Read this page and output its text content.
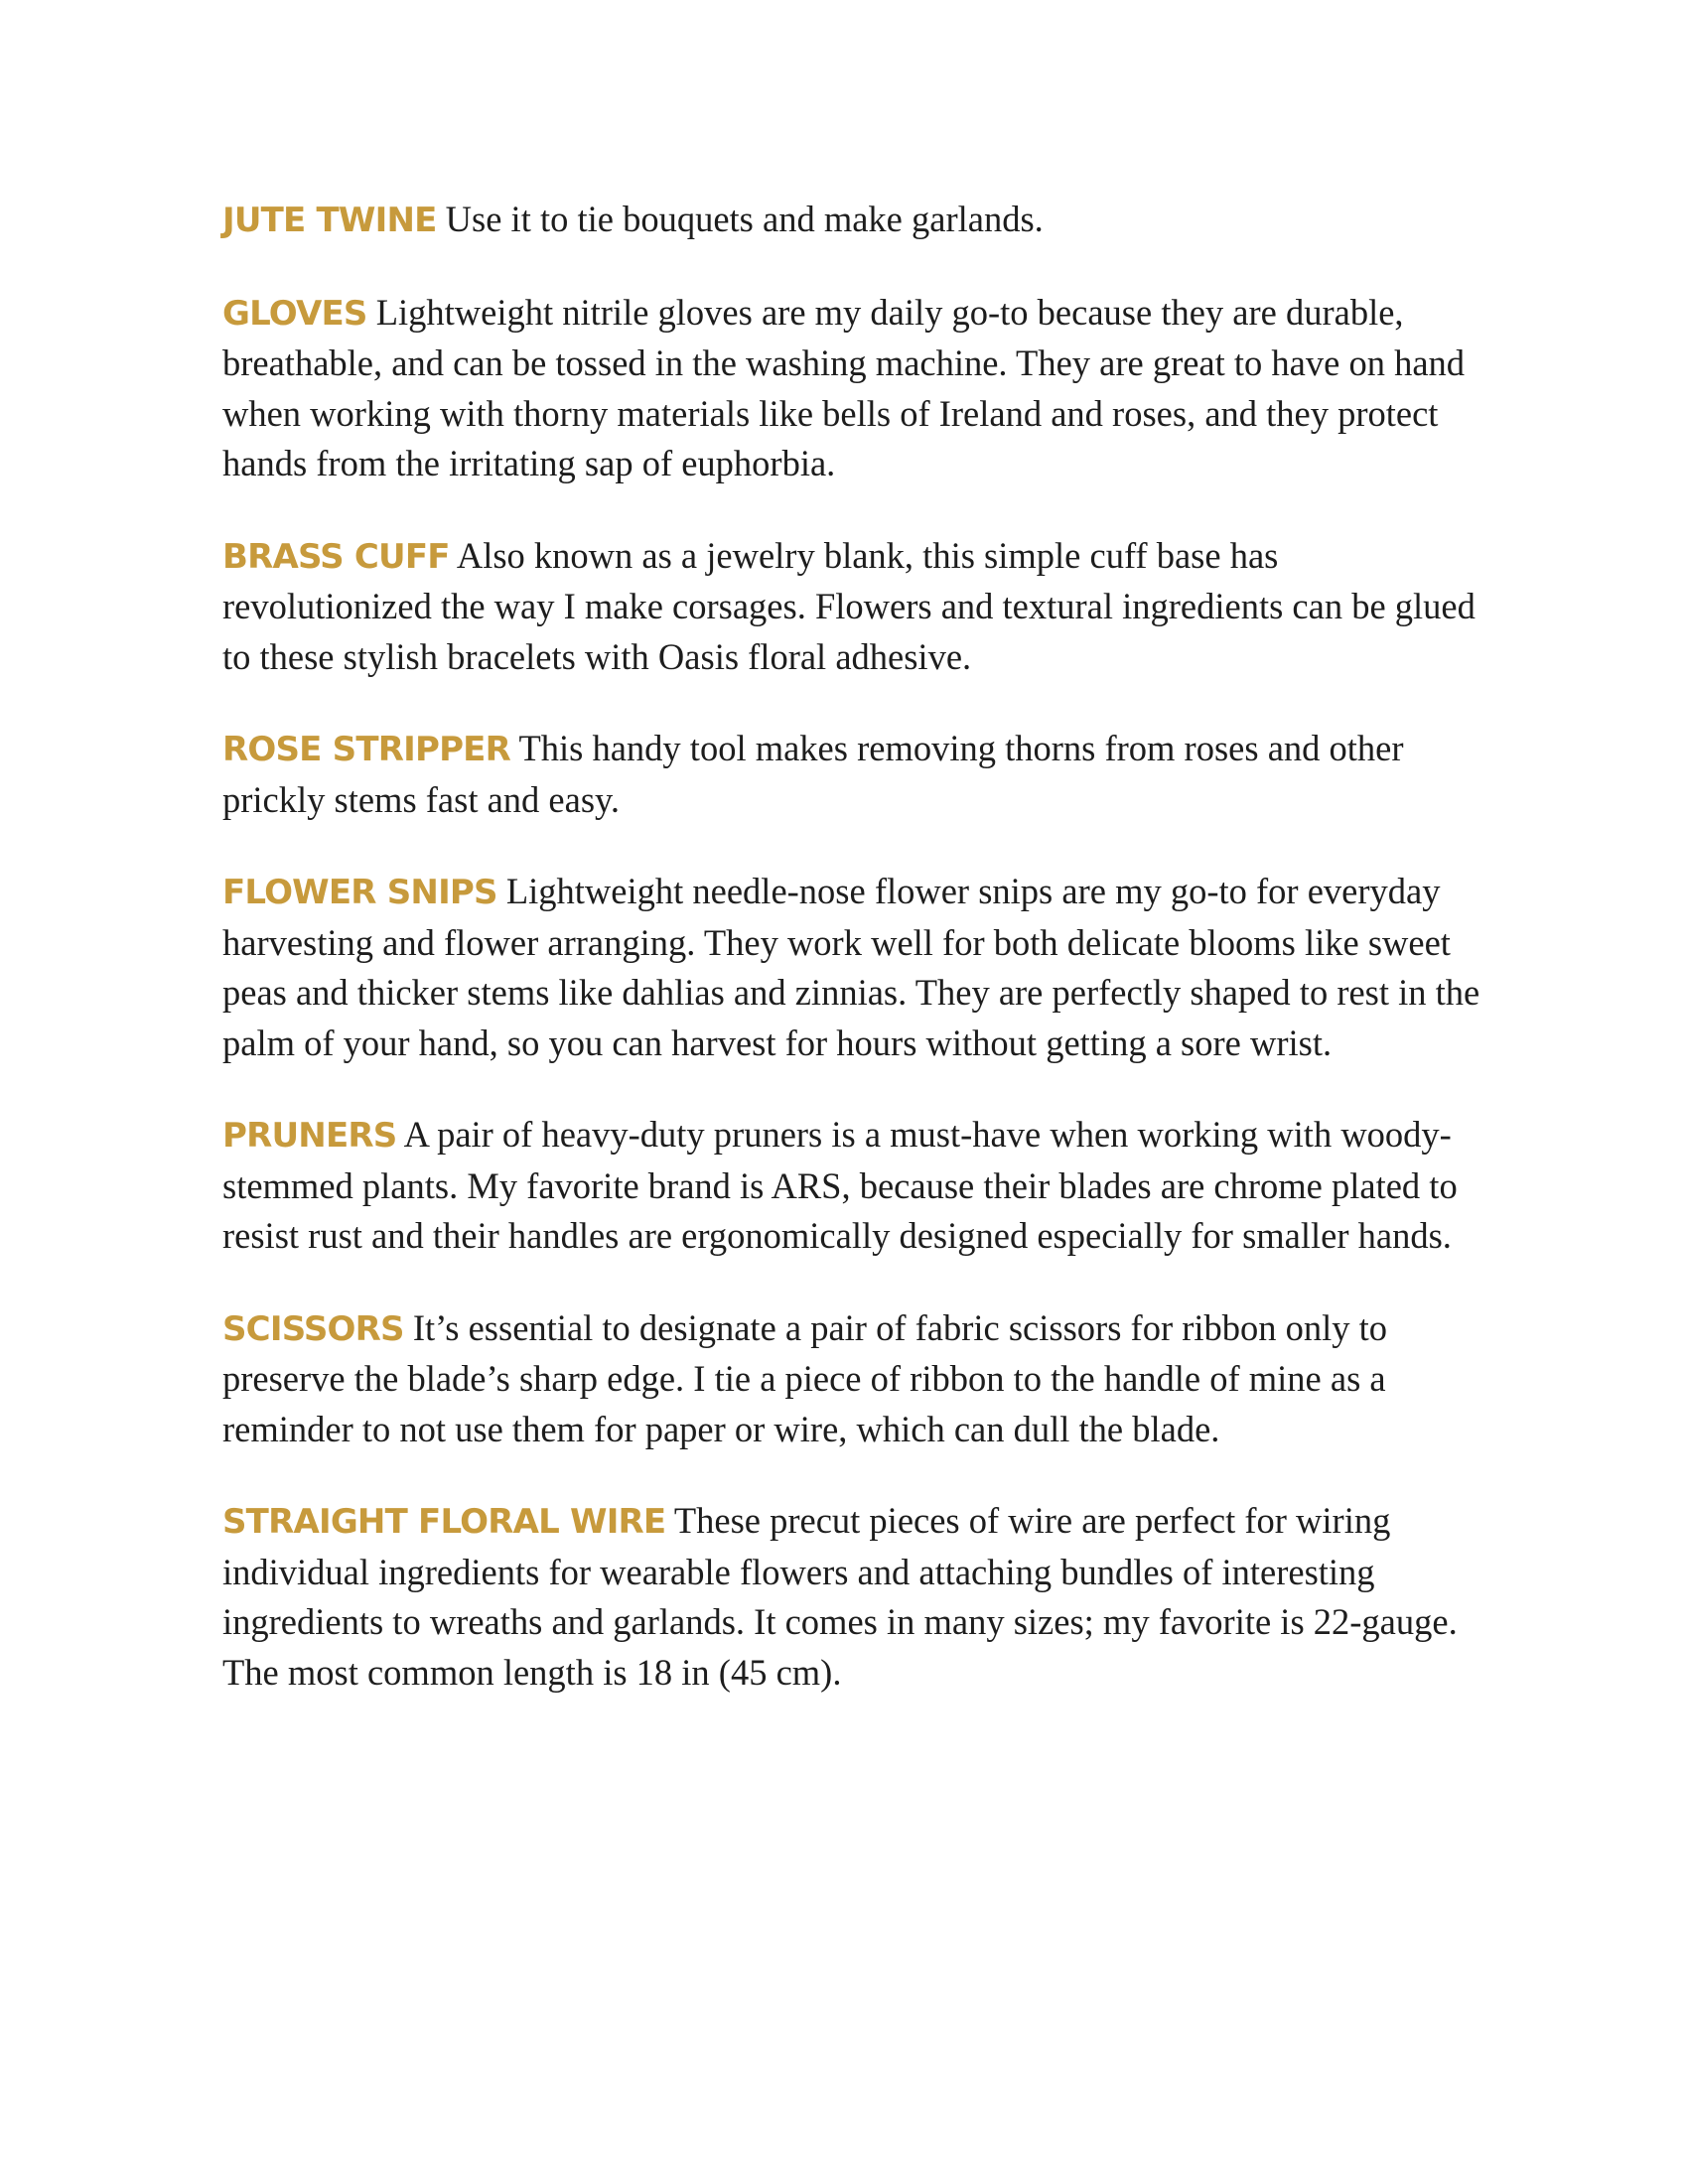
JUTE TWINE Use it to tie bouquets and make garlands.

GLOVES Lightweight nitrile gloves are my daily go-to because they are durable, breathable, and can be tossed in the washing machine. They are great to have on hand when working with thorny materials like bells of Ireland and roses, and they protect hands from the irritating sap of euphorbia.

BRASS CUFF Also known as a jewelry blank, this simple cuff base has revolutionized the way I make corsages. Flowers and textural ingredients can be glued to these stylish bracelets with Oasis floral adhesive.

ROSE STRIPPER This handy tool makes removing thorns from roses and other prickly stems fast and easy.

FLOWER SNIPS Lightweight needle-nose flower snips are my go-to for everyday harvesting and flower arranging. They work well for both delicate blooms like sweet peas and thicker stems like dahlias and zinnias. They are perfectly shaped to rest in the palm of your hand, so you can harvest for hours without getting a sore wrist.

PRUNERS A pair of heavy-duty pruners is a must-have when working with woody-stemmed plants. My favorite brand is ARS, because their blades are chrome plated to resist rust and their handles are ergonomically designed especially for smaller hands.

SCISSORS It’s essential to designate a pair of fabric scissors for ribbon only to preserve the blade’s sharp edge. I tie a piece of ribbon to the handle of mine as a reminder to not use them for paper or wire, which can dull the blade.

STRAIGHT FLORAL WIRE These precut pieces of wire are perfect for wiring individual ingredients for wearable flowers and attaching bundles of interesting ingredients to wreaths and garlands. It comes in many sizes; my favorite is 22-gauge. The most common length is 18 in (45 cm).
